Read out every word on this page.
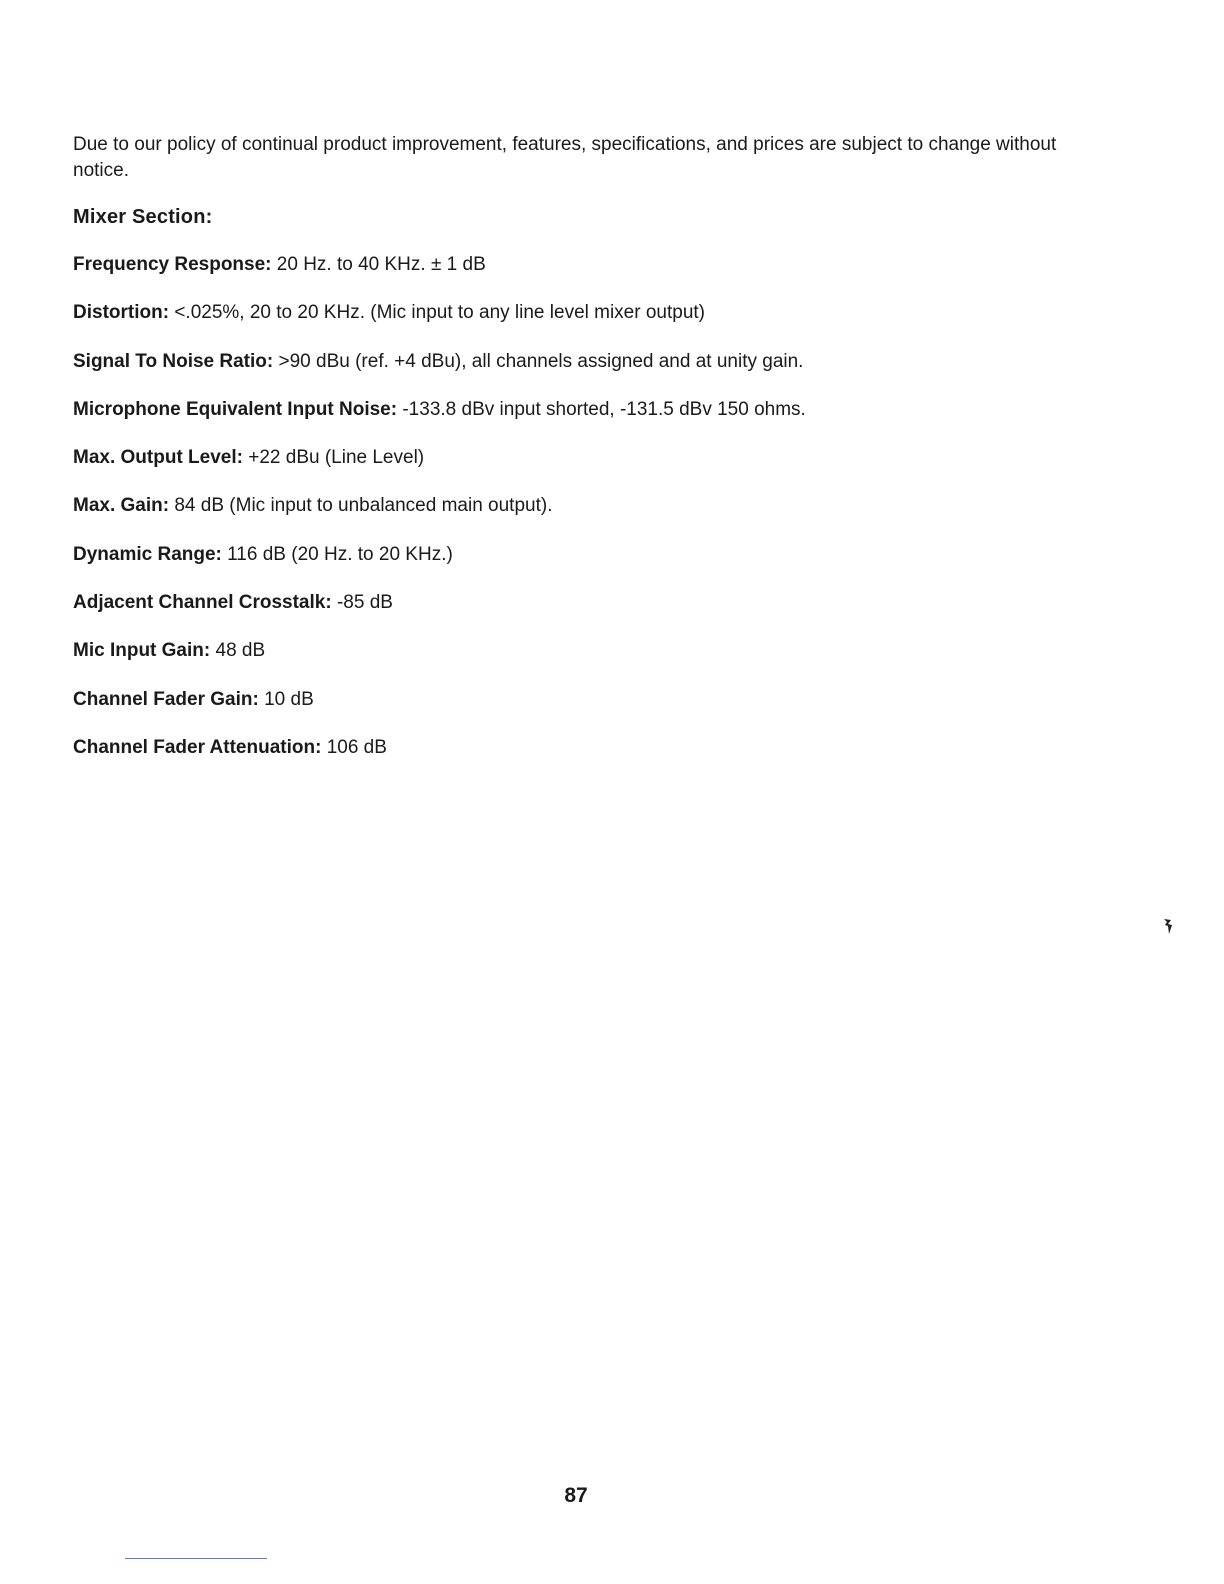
Due to our policy of continual product improvement, features, specifications, and prices are subject to change without notice.

Mixer Section:
Frequency Response: 20 Hz. to 40 KHz. ± 1 dB
Distortion: <.025%, 20 to 20 KHz. (Mic input to any line level mixer output)
Signal To Noise Ratio: >90 dBu (ref. +4 dBu), all channels assigned and at unity gain.
Microphone Equivalent Input Noise: -133.8 dBv input shorted, -131.5 dBv 150 ohms.
Max. Output Level: +22 dBu (Line Level)
Max. Gain: 84 dB (Mic input to unbalanced main output).
Dynamic Range: 116 dB (20 Hz. to 20 KHz.)
Adjacent Channel Crosstalk: -85 dB
Mic Input Gain: 48 dB
Channel Fader Gain: 10 dB
Channel Fader Attenuation: 106 dB
87
